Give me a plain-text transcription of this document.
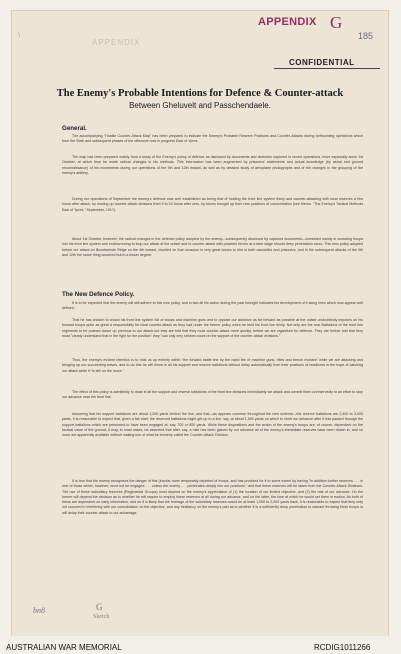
\
APPENDIX
APPENDIX G
185
CONFIDENTIAL
The Enemy's Probable Intentions for Defence & Counter-attack
Between Gheluvelt and Passchendaele.
General.

The accompanying "Hostile Counter-Attack Map" has been prepared to indicate the Enemy's Probable Reserve Positions and Counter-Attacks during forthcoming operations which form the Sixth and subsequent phases of the offensive now in progress East of Ypres.

The map has been prepared mainly from a study of the Enemy's policy of defence as disclosed by documents and sketches captured in recent operations, more especially since 1st October, at which time he made radical changes in his methods. This information has been augmented by prisoners' statements and actual knowledge (by aerial and ground reconnaissance) of his movements during our operations of the 9th and 12th instant, as well as by detailed study of aeroplane photographs and of the changes in the grouping of the enemy's artillery.

During our operations of September the enemy's defence was well established as being that of holding the front line system thinly and counter-attacking with local reserves a few hours after attack, by moving up counter-attack divisions from 9 to 10 hours after zero, by forces brought up from rear positions of concentration (see Memo. "The Enemy's Tactical Methods East of Ypres," September, 1917).

About 1st October, however, the radical changes in the defence policy adopted by the enemy—subsequently disclosed by captured documents—consisted mainly in crowding troops into his front line system and endeavouring to stop our attack at the outset and to counter-attack with powerful forces at a later stage should deep penetration occur. This new policy adopted before our attack on Broodseinde Ridge on the 4th instant, resulted on that occasion in very great losses to him in both casualties and prisoners, and in the subsequent attacks of the 9th and 12th the same thing occurred but in a lesser degree.

The New Defence Policy.

It is to be expected that the enemy will still adhere to this new policy, and in fact all his action during the past fortnight indicates his development of it along lines which now appear well defined.

That he has chosen to crowd his front line system full of troops and machine guns and to oppose our advance as far forward as possible at the outset undoubtedly imposes on his forward troops quite as great a responsibility for local counter-attack as they had under the former policy when he held his front line thinly. Not only are the rear Battalions of the front line regiments to be pushed closer up previous to our attack but they are told that they must counter-attack more quickly, before we are organised for defence. They are further told that they must "clearly understand that in the fight for the position" they "can only very seldom count on the support of the counter-attack divisions."

Thus, the enemy's evident intention is to hold us up entirely within "the forward battle line by the rapid fire of machine guns, rifles and trench mortars" while we are attacking and bringing up our succeeding waves, and to do this he will throw in all his support and reserve battalions without delay automatically from their positions of readiness in the hope of catching our attack while it "is still on the move."

The effect of this policy is admittedly to draw in all the support and reserve battalions of the front line divisions immediately we attack and commit them unreservedly to an effort to stop our advance near the front line.

Assuming that his support battalions are about 1,200 yards behind the line, and that—as appears common throughout the new scheme—the reserve battalions are 2,400 to 3,000 yards, it is reasonable to expect that, given a fair start, the reserved battalions might get up to a line, say, at about 1,500 yards on which to meet our advance after it has passed through the support battalions which are presumed to have been engaged at, say, 700 or 800 yards. While these dispositions and the action of the enemy's troops are, of course, dependent on the tactical value of the ground, it may, in most cases, be assumed that after, say, a mile has been gained by our advance all of the enemy's immediate reserves have been drawn in, and no more are apparently available without making use of what he formerly called the Counter-Attack Division.

It is true that the enemy recognises the danger of this (insofar none temporarily depleted of troops, and has provided for it to some extent by having "in addition further reserves . . . in rear of those which, however, must not be engaged . . . unless the enemy . . . penetrates deeply into our positions," and that these reserves will be taken from the Counter-Attack Divisions. The use of these subsidiary reserves (Regimental Groups) must depend on the enemy's appreciation of (1) the location of our limited objective, and (2) the rate of our advance. On the former will depend the decision as to whether he will require to employ these reserves at all during our advance, and on the latter, the time at which he would set them in motion. As both of these are dependent on early information, and as it is likely that the frontage of the subsidiary reserves would be at least 1,000 to 2,000 yards back, it is reasonable to expect that they may not succeed in interfering with our consolidation on the objective, and any hesitancy on the enemy's part as to whether it is a sufficiently deep penetration to warrant throwing fresh troops in will delay their counter-attack to our advantage.

bn8	G
Sketch
AUSTRALIAN WAR MEMORIAL	RCDIG1011266
